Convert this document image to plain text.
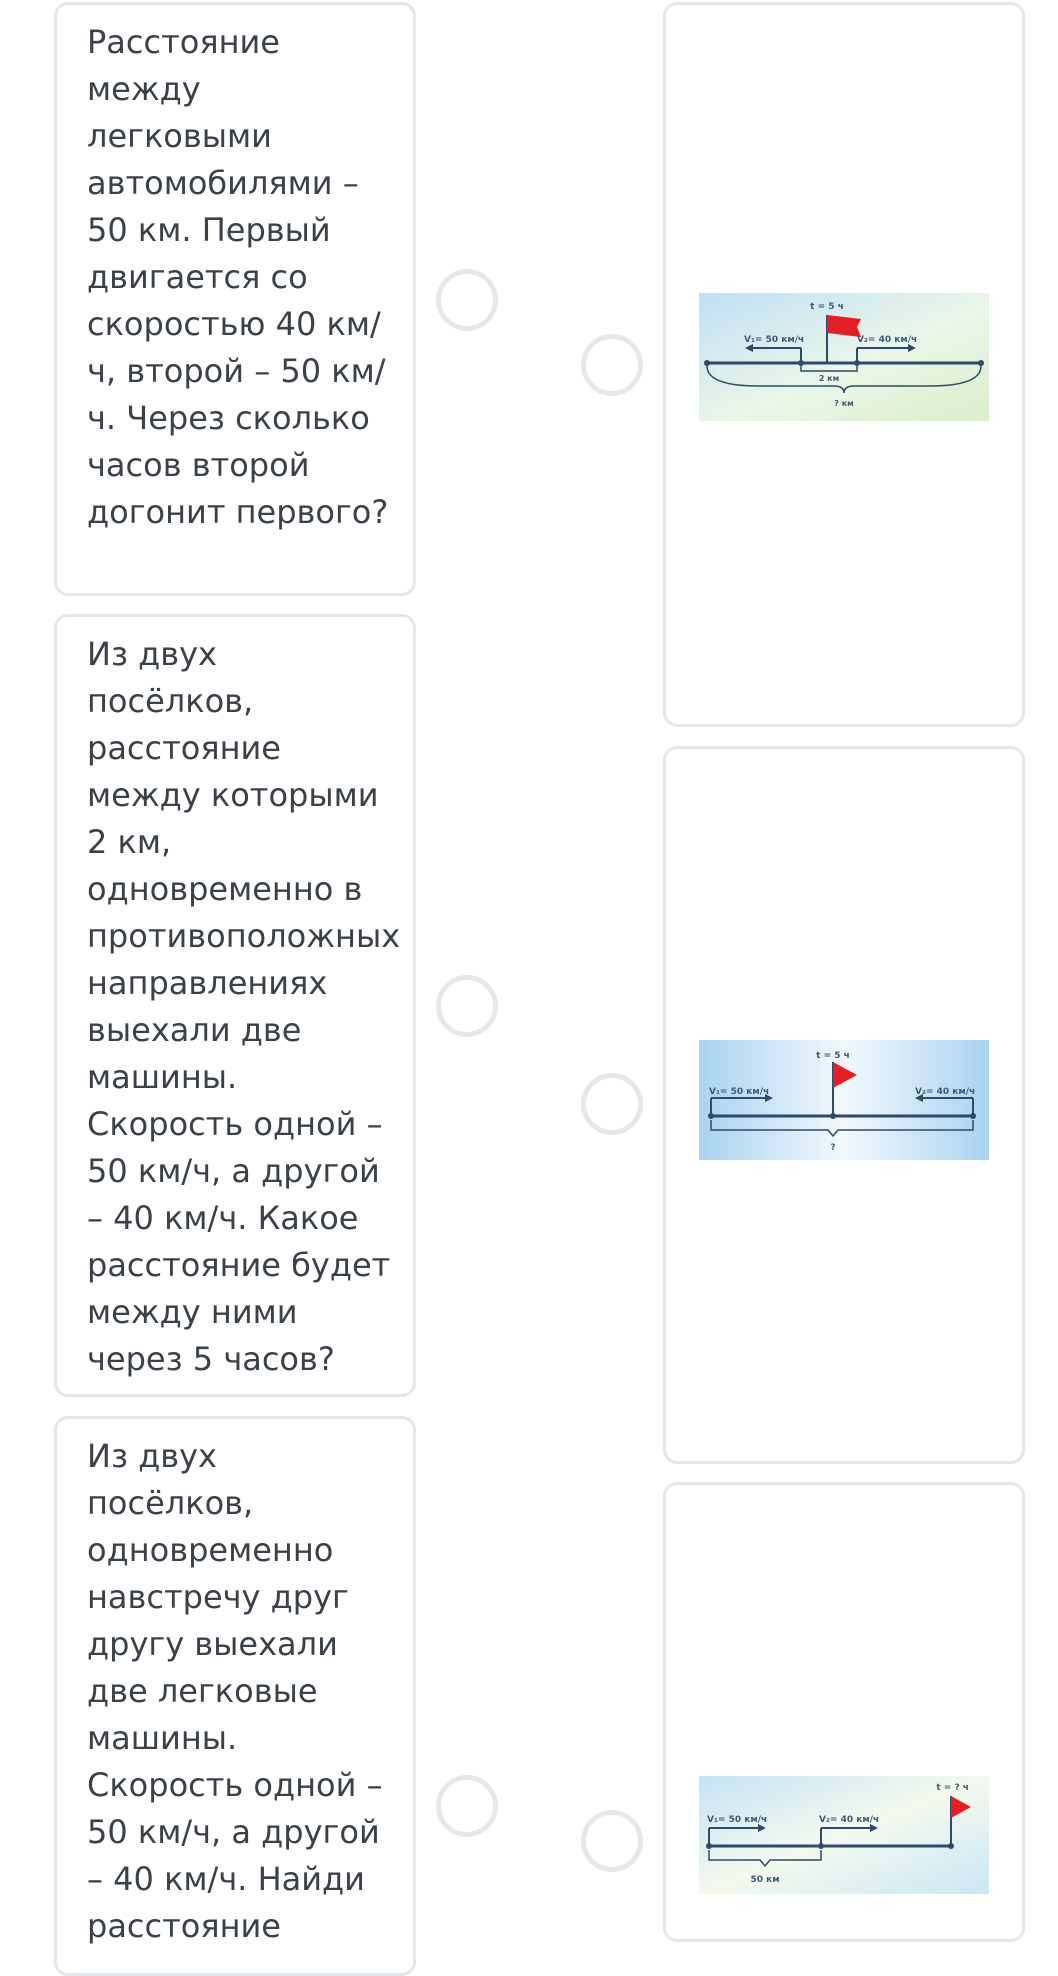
Расстояние между легковыми автомобилями – 50 км. Первый двигается со скоростью 40 км/ч, второй – 50 км/ч. Через сколько часов второй догонит первого?
Из двух посёлков, расстояние между которыми 2 км, одновременно в противоположных направлениях выехали две машины. Скорость одной – 50 км/ч, а другой – 40 км/ч. Какое расстояние будет между ними через 5 часов?
Из двух посёлков, одновременно навстречу друг другу выехали две легковые машины. Скорость одной – 50 км/ч, а другой – 40 км/ч. Найди расстояние
t = 5 ч
V₁= 50 км/ч	V₂= 40 км/ч
2 км
? км
t = 5 ч
V₁= 50 км/ч	V₂= 40 км/ч
?
t = ? ч
V₁= 50 км/ч	V₂= 40 км/ч
50 км
